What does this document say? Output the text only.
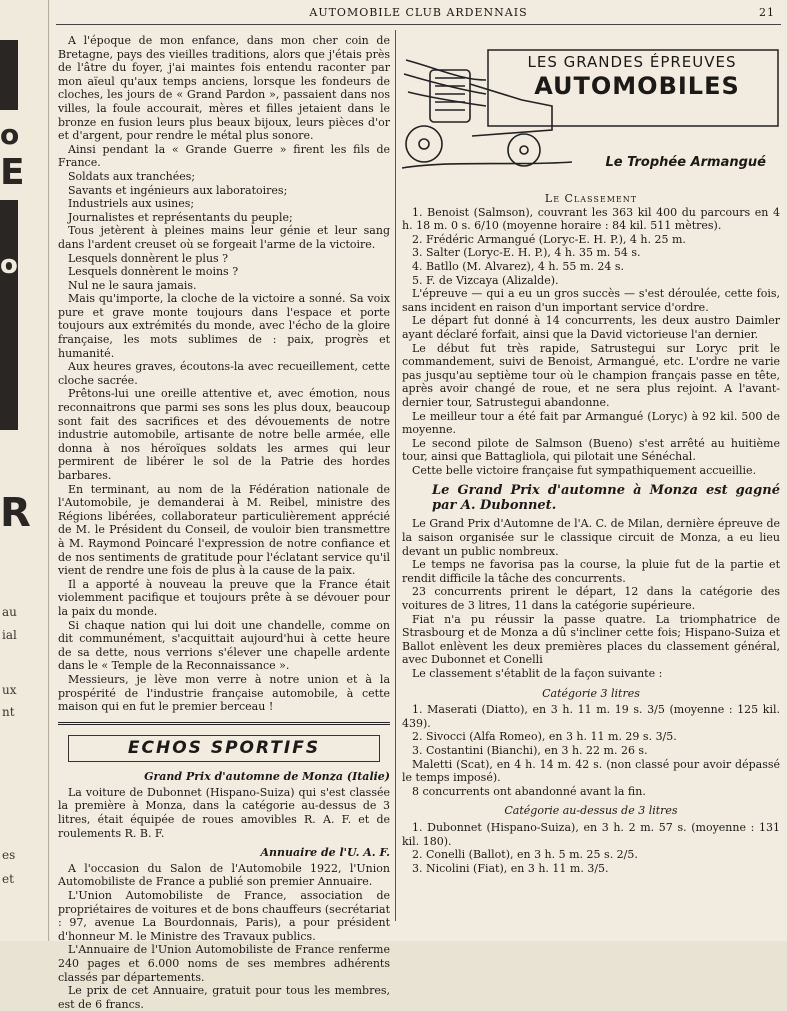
o
E
o
R
au
ial
ux
nt
es
et
AUTOMOBILE CLUB ARDENNAIS	21

A l'époque de mon enfance, dans mon cher coin de Bretagne, pays des vieilles traditions, alors que j'étais près de l'âtre du foyer, j'ai maintes fois entendu raconter par mon aïeul qu'aux temps anciens, lorsque les fondeurs de cloches, les jours de « Grand Pardon », passaient dans nos villes, la foule accourait, mères et filles jetaient dans le bronze en fusion leurs plus beaux bijoux, leurs pièces d'or et d'argent, pour rendre le métal plus sonore.

Ainsi pendant la « Grande Guerre » firent les fils de France.

Soldats aux tranchées;

Savants et ingénieurs aux laboratoires;

Industriels aux usines;

Journalistes et représentants du peuple;

Tous jetèrent à pleines mains leur génie et leur sang dans l'ardent creuset où se forgeait l'arme de la victoire.

Lesquels donnèrent le plus ?

Lesquels donnèrent le moins ?

Nul ne le saura jamais.

Mais qu'importe, la cloche de la victoire a sonné. Sa voix pure et grave monte toujours dans l'espace et porte toujours aux extrémités du monde, avec l'écho de la gloire française, les mots sublimes de : paix, progrès et humanité.

Aux heures graves, écoutons-la avec recueillement, cette cloche sacrée.

Prêtons-lui une oreille attentive et, avec émotion, nous reconnaitrons que parmi ses sons les plus doux, beaucoup sont fait des sacrifices et des dévouements de notre industrie automobile, artisante de notre belle armée, elle donna à nos héroïques soldats les armes qui leur permirent de libérer le sol de la Patrie des hordes barbares.

En terminant, au nom de la Fédération nationale de l'Automobile, je demanderai à M. Reibel, ministre des Régions libérées, collaborateur particulièrement apprécié de M. le Président du Conseil, de vouloir bien transmettre à M. Raymond Poincaré l'expression de notre confiance et de nos sentiments de gratitude pour l'éclatant service qu'il vient de rendre une fois de plus à la cause de la paix.

Il a apporté à nouveau la preuve que la France était violemment pacifique et toujours prête à se dévouer pour la paix du monde.

Si chaque nation qui lui doit une chandelle, comme on dit communément, s'acquittait aujourd'hui à cette heure de sa dette, nous verrions s'élever une chapelle ardente dans le « Temple de la Reconnaissance ».

Messieurs, je lève mon verre à notre union et à la prospérité de l'industrie française automobile, à cette maison qui en fut le premier berceau !

ECHOS SPORTIFS
Grand Prix d'automne de Monza (Italie)

La voiture de Dubonnet (Hispano-Suiza) qui s'est classée la première à Monza, dans la catégorie au-dessus de 3 litres, était équipée de roues amovibles R. A. F. et de roulements R. B. F.

Annuaire de l'U. A. F.

A l'occasion du Salon de l'Automobile 1922, l'Union Automobiliste de France a publié son premier Annuaire.

L'Union Automobiliste de France, association de propriétaires de voitures et de bons chauffeurs (secrétariat : 97, avenue La Bourdonnais, Paris), a pour président d'honneur M. le Ministre des Travaux publics.

L'Annuaire de l'Union Automobiliste de France renferme 240 pages et 6.000 noms de ses membres adhérents classés par départements.

Le prix de cet Annuaire, gratuit pour tous les membres, est de 6 francs.

LES GRANDES ÉPREUVES
AUTOMOBILES
Le Trophée Armangué
Le Classement

1. Benoist (Salmson), couvrant les 363 kil 400 du parcours en 4 h. 18 m. 0 s. 6/10 (moyenne horaire : 84 kil. 511 mètres).

2. Frédéric Armangué (Loryc-E. H. P.), 4 h. 25 m.

3. Salter (Loryc-E. H. P.), 4 h. 35 m. 54 s.

4. Batllo (M. Alvarez), 4 h. 55 m. 24 s.

5. F. de Vizcaya (Alizalde).

L'épreuve — qui a eu un gros succès — s'est déroulée, cette fois, sans incident en raison d'un important service d'ordre.

Le départ fut donné à 14 concurrents, les deux austro Daimler ayant déclaré forfait, ainsi que la David victorieuse l'an dernier.

Le début fut très rapide, Satrustegui sur Loryc prit le commandement, suivi de Benoist, Armangué, etc. L'ordre ne varie pas jusqu'au septième tour où le champion français passe en tête, après avoir changé de roue, et ne sera plus rejoint. A l'avant-dernier tour, Satrustegui abandonne.

Le meilleur tour a été fait par Armangué (Loryc) à 92 kil. 500 de moyenne.

Le second pilote de Salmson (Bueno) s'est arrêté au huitième tour, ainsi que Battagliola, qui pilotait une Sénéchal.

Cette belle victoire française fut sympathiquement accueillie.

Le Grand Prix d'automne à Monza est gagné par A. Dubonnet.

Le Grand Prix d'Automne de l'A. C. de Milan, dernière épreuve de la saison organisée sur le classique circuit de Monza, a eu lieu devant un public nombreux.

Le temps ne favorisa pas la course, la pluie fut de la partie et rendit difficile la tâche des concurrents.

23 concurrents prirent le départ, 12 dans la catégorie des voitures de 3 litres, 11 dans la catégorie supérieure.

Fiat n'a pu réussir la passe quatre. La triomphatrice de Strasbourg et de Monza a dû s'incliner cette fois; Hispano-Suiza et Ballot enlèvent les deux premières places du classement général, avec Dubonnet et Conelli

Le classement s'établit de la façon suivante :

Catégorie 3 litres

1. Maserati (Diatto), en 3 h. 11 m. 19 s. 3/5 (moyenne : 125 kil. 439).

2. Sivocci (Alfa Romeo), en 3 h. 11 m. 29 s. 3/5.

3. Costantini (Bianchi), en 3 h. 22 m. 26 s.

Maletti (Scat), en 4 h. 14 m. 42 s. (non classé pour avoir dépassé le temps imposé).

8 concurrents ont abandonné avant la fin.

Catégorie au-dessus de 3 litres

1. Dubonnet (Hispano-Suiza), en 3 h. 2 m. 57 s. (moyenne : 131 kil. 180).

2. Conelli (Ballot), en 3 h. 5 m. 25 s. 2/5.

3. Nicolini (Fiat), en 3 h. 11 m. 3/5.
